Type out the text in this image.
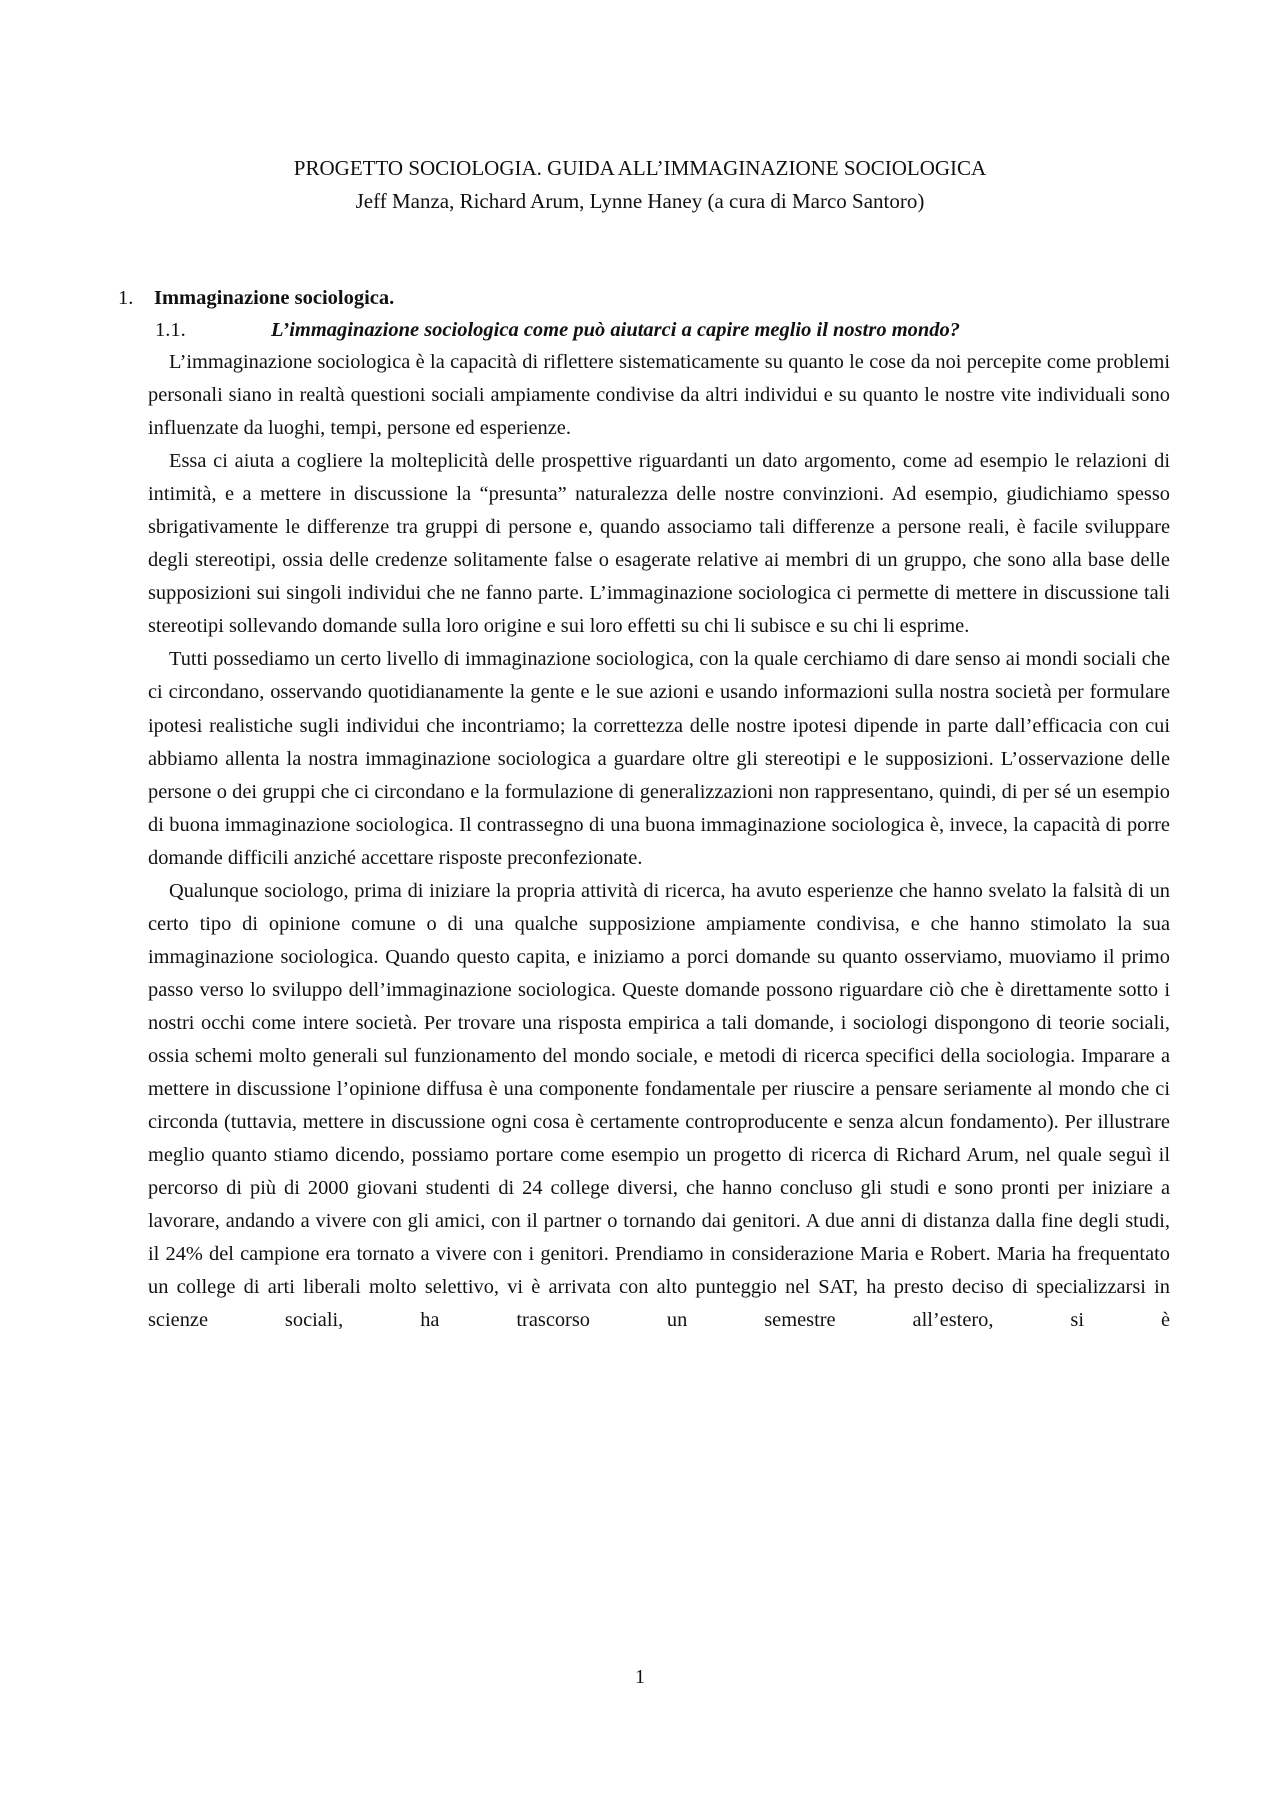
PROGETTO SOCIOLOGIA. GUIDA ALL’IMMAGINAZIONE SOCIOLOGICA
Jeff Manza, Richard Arum, Lynne Haney (a cura di Marco Santoro)
1. Immaginazione sociologica.
1.1.	L’immaginazione sociologica come può aiutarci a capire meglio il nostro mondo?

L’immaginazione sociologica è la capacità di riflettere sistematicamente su quanto le cose da noi percepite come problemi personali siano in realtà questioni sociali ampiamente condivise da altri individui e su quanto le nostre vite individuali sono influenzate da luoghi, tempi, persone ed esperienze.

Essa ci aiuta a cogliere la molteplicità delle prospettive riguardanti un dato argomento, come ad esempio le relazioni di intimità, e a mettere in discussione la “presunta” naturalezza delle nostre convinzioni. Ad esempio, giudichiamo spesso sbrigativamente le differenze tra gruppi di persone e, quando associamo tali differenze a persone reali, è facile sviluppare degli stereotipi, ossia delle credenze solitamente false o esagerate relative ai membri di un gruppo, che sono alla base delle supposizioni sui singoli individui che ne fanno parte. L’immaginazione sociologica ci permette di mettere in discussione tali stereotipi sollevando domande sulla loro origine e sui loro effetti su chi li subisce e su chi li esprime.

Tutti possediamo un certo livello di immaginazione sociologica, con la quale cerchiamo di dare senso ai mondi sociali che ci circondano, osservando quotidianamente la gente e le sue azioni e usando informazioni sulla nostra società per formulare ipotesi realistiche sugli individui che incontriamo; la correttezza delle nostre ipotesi dipende in parte dall’efficacia con cui abbiamo allenta la nostra immaginazione sociologica a guardare oltre gli stereotipi e le supposizioni. L’osservazione delle persone o dei gruppi che ci circondano e la formulazione di generalizzazioni non rappresentano, quindi, di per sé un esempio di buona immaginazione sociologica. Il contrassegno di una buona immaginazione sociologica è, invece, la capacità di porre domande difficili anziché accettare risposte preconfezionate.

Qualunque sociologo, prima di iniziare la propria attività di ricerca, ha avuto esperienze che hanno svelato la falsità di un certo tipo di opinione comune o di una qualche supposizione ampiamente condivisa, e che hanno stimolato la sua immaginazione sociologica. Quando questo capita, e iniziamo a porci domande su quanto osserviamo, muoviamo il primo passo verso lo sviluppo dell’immaginazione sociologica. Queste domande possono riguardare ciò che è direttamente sotto i nostri occhi come intere società. Per trovare una risposta empirica a tali domande, i sociologi dispongono di teorie sociali, ossia schemi molto generali sul funzionamento del mondo sociale, e metodi di ricerca specifici della sociologia. Imparare a mettere in discussione l’opinione diffusa è una componente fondamentale per riuscire a pensare seriamente al mondo che ci circonda (tuttavia, mettere in discussione ogni cosa è certamente controproducente e senza alcun fondamento). Per illustrare meglio quanto stiamo dicendo, possiamo portare come esempio un progetto di ricerca di Richard Arum, nel quale seguì il percorso di più di 2000 giovani studenti di 24 college diversi, che hanno concluso gli studi e sono pronti per iniziare a lavorare, andando a vivere con gli amici, con il partner o tornando dai genitori. A due anni di distanza dalla fine degli studi, il 24% del campione era tornato a vivere con i genitori. Prendiamo in considerazione Maria e Robert. Maria ha frequentato un college di arti liberali molto selettivo, vi è arrivata con alto punteggio nel SAT, ha presto deciso di specializzarsi in scienze sociali, ha trascorso un semestre all’estero, si è

1
